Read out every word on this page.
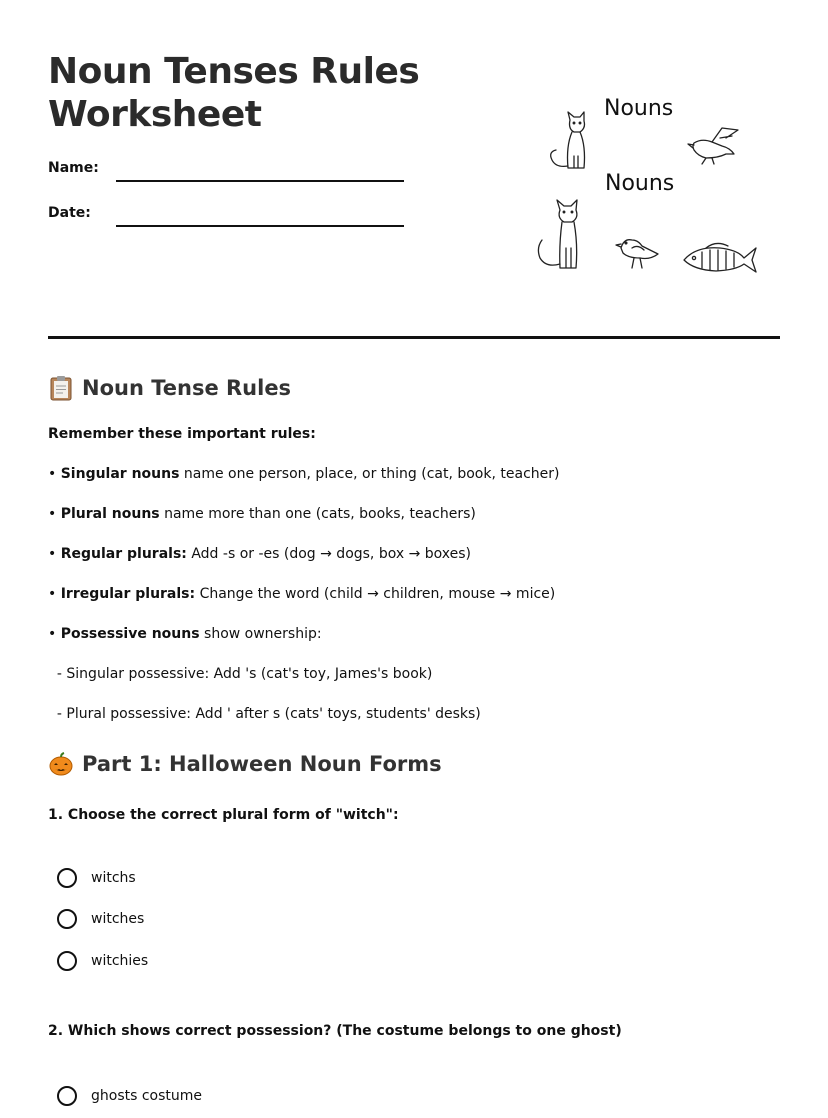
Noun Tenses Rules
Worksheet
Name:
Date:
Nouns
Nouns
Noun Tense Rules
Remember these important rules:
• Singular nouns name one person, place, or thing (cat, book, teacher)
• Plural nouns name more than one (cats, books, teachers)
• Regular plurals: Add -s or -es (dog → dogs, box → boxes)
• Irregular plurals: Change the word (child → children, mouse → mice)
• Possessive nouns show ownership:
- Singular possessive: Add 's (cat's toy, James's book)
- Plural possessive: Add ' after s (cats' toys, students' desks)
Part 1: Halloween Noun Forms
1. Choose the correct plural form of "witch":
witchs
witches
witchies
2. Which shows correct possession? (The costume belongs to one ghost)
ghosts costume
